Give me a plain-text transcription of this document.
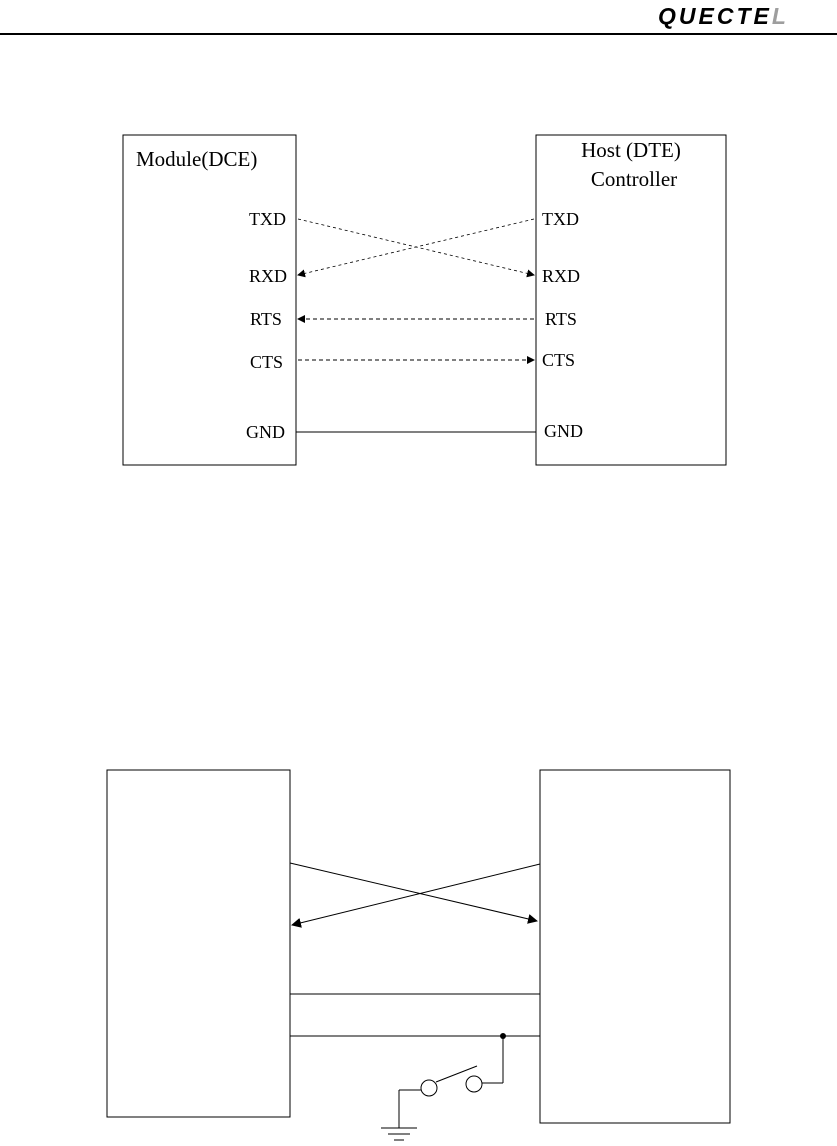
QUECTEL
Module(DCE)	Host (DTE)
Controller
TXD
RXD
RTS
CTS
GND
TXD
RXD
RTS
CTS
GND
